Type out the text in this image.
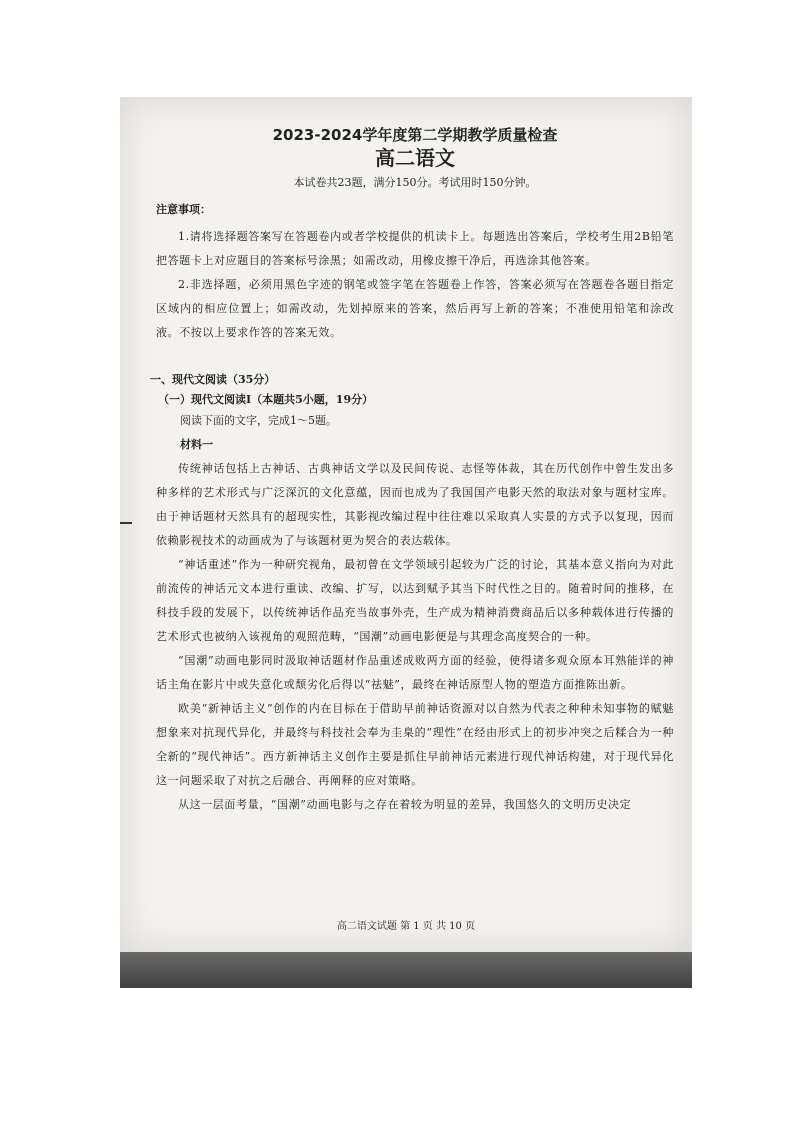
2023-2024学年度第二学期教学质量检查

高二语文

本试卷共23题，满分150分。考试用时150分钟。

注意事项：

1.请将选择题答案写在答题卷内或者学校提供的机读卡上。每题选出答案后，学校考生用2B铅笔把答题卡上对应题目的答案标号涂黑；如需改动，用橡皮擦干净后，再选涂其他答案。

2.非选择题，必须用黑色字迹的钢笔或签字笔在答题卷上作答，答案必须写在答题卷各题目指定区域内的相应位置上；如需改动，先划掉原来的答案，然后再写上新的答案；不准使用铅笔和涂改液。不按以上要求作答的答案无效。

一、现代文阅读（35分）

（一）现代文阅读Ⅰ（本题共5小题，19分）

阅读下面的文字，完成1～5题。

材料一

传统神话包括上古神话、古典神话文学以及民间传说、志怪等体裁，其在历代创作中曾生发出多种多样的艺术形式与广泛深沉的文化意蕴，因而也成为了我国国产电影天然的取法对象与题材宝库。由于神话题材天然具有的超现实性，其影视改编过程中往往难以采取真人实景的方式予以复现，因而依赖影视技术的动画成为了与该题材更为契合的表达载体。

“神话重述”作为一种研究视角，最初曾在文学领域引起较为广泛的讨论，其基本意义指向为对此前流传的神话元文本进行重读、改编、扩写，以达到赋予其当下时代性之目的。随着时间的推移，在科技手段的发展下，以传统神话作品充当故事外壳，生产成为精神消费商品后以多种载体进行传播的艺术形式也被纳入该视角的观照范畴，“国潮”动画电影便是与其理念高度契合的一种。

“国潮”动画电影同时汲取神话题材作品重述成败两方面的经验，使得诸多观众原本耳熟能详的神话主角在影片中或失意化或颓劣化后得以“祛魅”，最终在神话原型人物的塑造方面推陈出新。

欧美“新神话主义”创作的内在目标在于借助早前神话资源对以自然为代表之种种未知事物的赋魅想象来对抗现代异化，并最终与科技社会奉为圭臬的“理性”在经由形式上的初步冲突之后糅合为一种全新的“现代神话”。西方新神话主义创作主要是抓住早前神话元素进行现代神话构建，对于现代异化这一问题采取了对抗之后融合、再阐释的应对策略。

从这一层面考量，“国潮”动画电影与之存在着较为明显的差异，我国悠久的文明历史决定

高二语文试题 第 1 页 共 10 页
